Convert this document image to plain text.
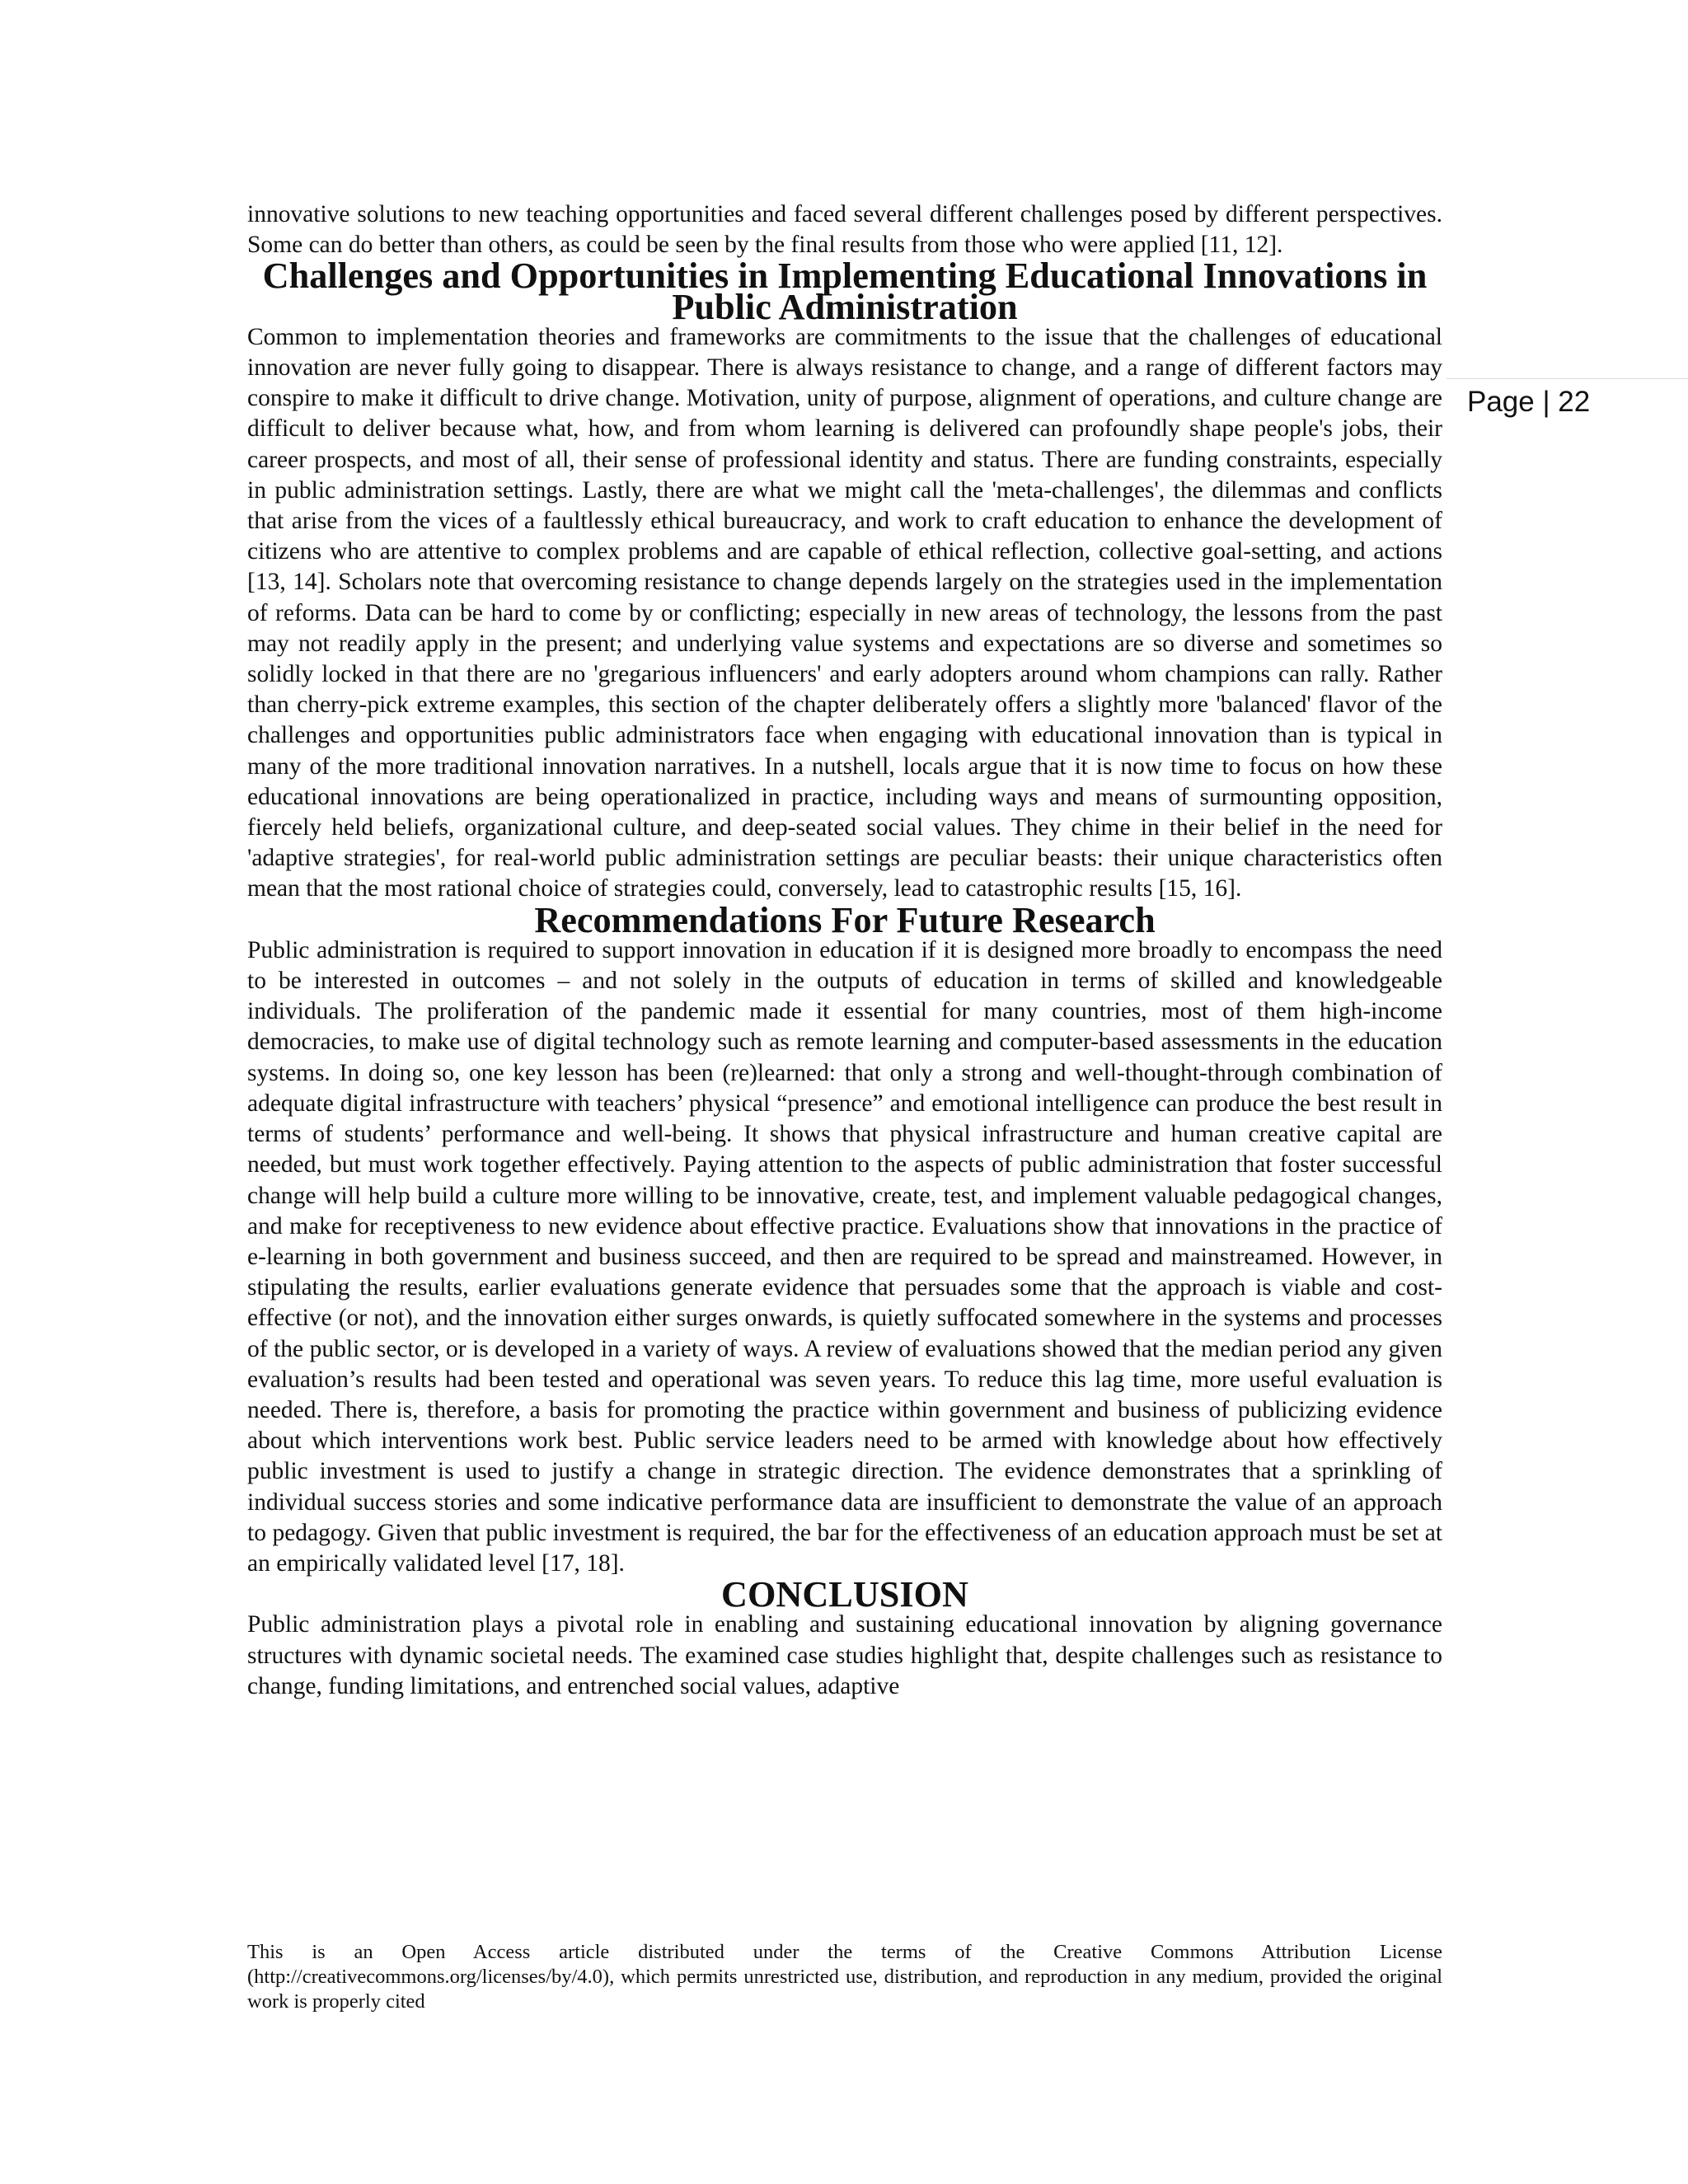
Page | 22

innovative solutions to new teaching opportunities and faced several different challenges posed by different perspectives. Some can do better than others, as could be seen by the final results from those who were applied [11, 12].

Challenges and Opportunities in Implementing Educational Innovations in Public Administration

Common to implementation theories and frameworks are commitments to the issue that the challenges of educational innovation are never fully going to disappear. There is always resistance to change, and a range of different factors may conspire to make it difficult to drive change. Motivation, unity of purpose, alignment of operations, and culture change are difficult to deliver because what, how, and from whom learning is delivered can profoundly shape people's jobs, their career prospects, and most of all, their sense of professional identity and status. There are funding constraints, especially in public administration settings. Lastly, there are what we might call the 'meta-challenges', the dilemmas and conflicts that arise from the vices of a faultlessly ethical bureaucracy, and work to craft education to enhance the development of citizens who are attentive to complex problems and are capable of ethical reflection, collective goal-setting, and actions [13, 14]. Scholars note that overcoming resistance to change depends largely on the strategies used in the implementation of reforms. Data can be hard to come by or conflicting; especially in new areas of technology, the lessons from the past may not readily apply in the present; and underlying value systems and expectations are so diverse and sometimes so solidly locked in that there are no 'gregarious influencers' and early adopters around whom champions can rally. Rather than cherry-pick extreme examples, this section of the chapter deliberately offers a slightly more 'balanced' flavor of the challenges and opportunities public administrators face when engaging with educational innovation than is typical in many of the more traditional innovation narratives. In a nutshell, locals argue that it is now time to focus on how these educational innovations are being operationalized in practice, including ways and means of surmounting opposition, fiercely held beliefs, organizational culture, and deep-seated social values. They chime in their belief in the need for 'adaptive strategies', for real-world public administration settings are peculiar beasts: their unique characteristics often mean that the most rational choice of strategies could, conversely, lead to catastrophic results [15, 16].

Recommendations For Future Research

Public administration is required to support innovation in education if it is designed more broadly to encompass the need to be interested in outcomes – and not solely in the outputs of education in terms of skilled and knowledgeable individuals. The proliferation of the pandemic made it essential for many countries, most of them high-income democracies, to make use of digital technology such as remote learning and computer-based assessments in the education systems. In doing so, one key lesson has been (re)learned: that only a strong and well-thought-through combination of adequate digital infrastructure with teachers’ physical “presence” and emotional intelligence can produce the best result in terms of students’ performance and well-being. It shows that physical infrastructure and human creative capital are needed, but must work together effectively. Paying attention to the aspects of public administration that foster successful change will help build a culture more willing to be innovative, create, test, and implement valuable pedagogical changes, and make for receptiveness to new evidence about effective practice. Evaluations show that innovations in the practice of e-learning in both government and business succeed, and then are required to be spread and mainstreamed. However, in stipulating the results, earlier evaluations generate evidence that persuades some that the approach is viable and cost-effective (or not), and the innovation either surges onwards, is quietly suffocated somewhere in the systems and processes of the public sector, or is developed in a variety of ways. A review of evaluations showed that the median period any given evaluation’s results had been tested and operational was seven years. To reduce this lag time, more useful evaluation is needed. There is, therefore, a basis for promoting the practice within government and business of publicizing evidence about which interventions work best. Public service leaders need to be armed with knowledge about how effectively public investment is used to justify a change in strategic direction. The evidence demonstrates that a sprinkling of individual success stories and some indicative performance data are insufficient to demonstrate the value of an approach to pedagogy. Given that public investment is required, the bar for the effectiveness of an education approach must be set at an empirically validated level [17, 18].

CONCLUSION

Public administration plays a pivotal role in enabling and sustaining educational innovation by aligning governance structures with dynamic societal needs. The examined case studies highlight that, despite challenges such as resistance to change, funding limitations, and entrenched social values, adaptive

This is an Open Access article distributed under the terms of the Creative Commons Attribution License (http://creativecommons.org/licenses/by/4.0), which permits unrestricted use, distribution, and reproduction in any medium, provided the original work is properly cited
